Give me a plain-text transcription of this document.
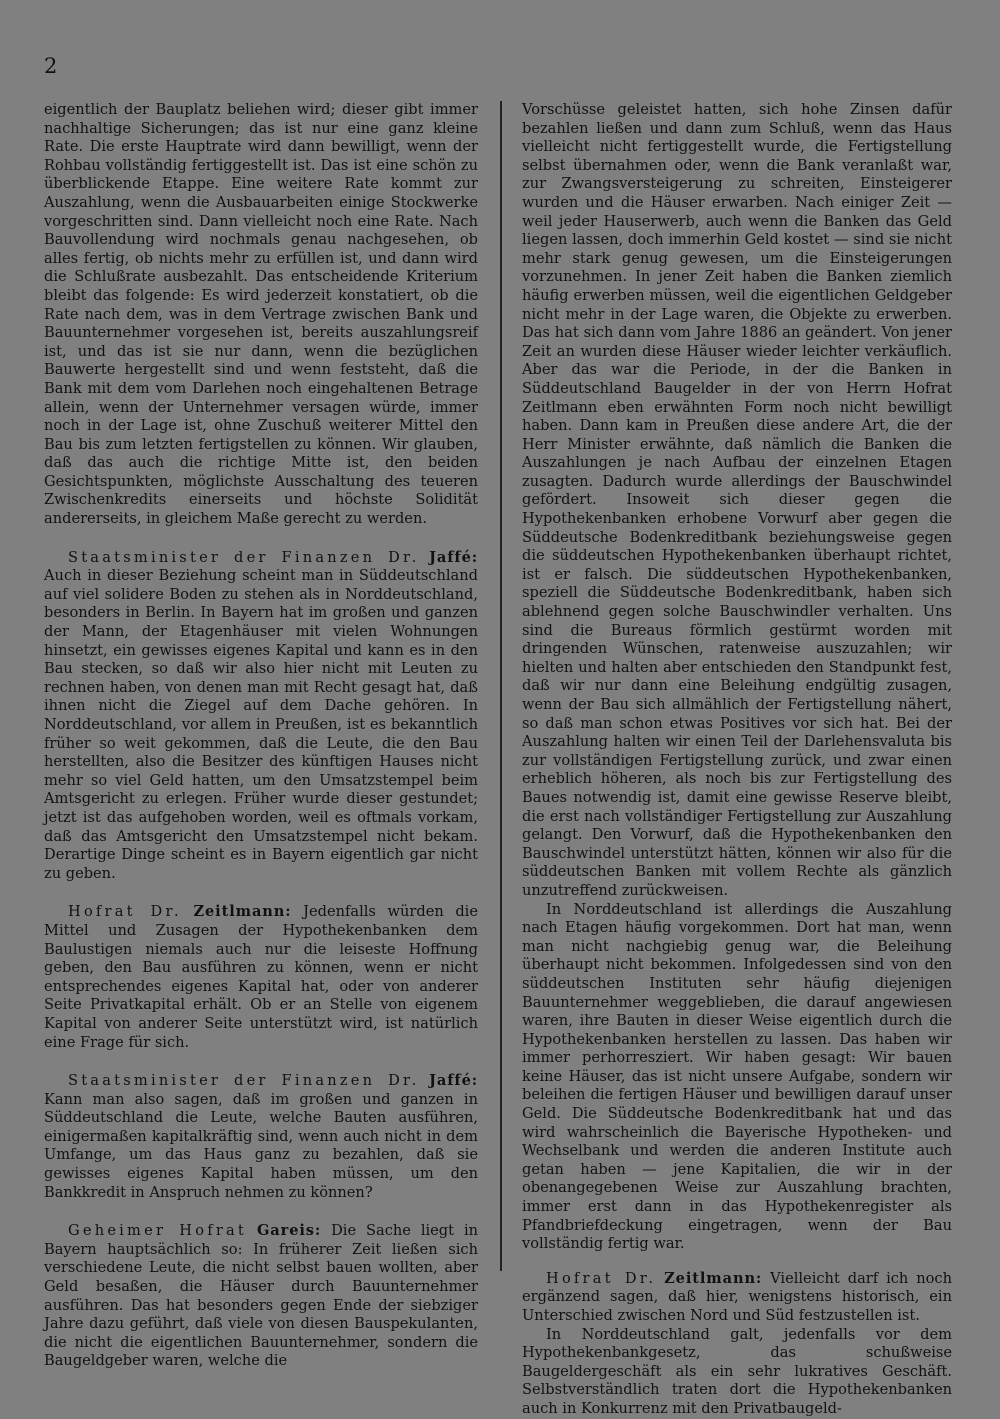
2

eigentlich der Bauplatz beliehen wird; dieser gibt immer nachhaltige Sicherungen; das ist nur eine ganz kleine Rate. Die erste Hauptrate wird dann bewilligt, wenn der Rohbau vollständig fertiggestellt ist. Das ist eine schön zu überblickende Etappe. Eine weitere Rate kommt zur Auszahlung, wenn die Ausbauarbeiten einige Stockwerke vorgeschritten sind. Dann vielleicht noch eine Rate. Nach Bauvollendung wird nochmals genau nachgesehen, ob alles fertig, ob nichts mehr zu erfüllen ist, und dann wird die Schlußrate ausbezahlt. Das entscheidende Kriterium bleibt das folgende: Es wird jederzeit konstatiert, ob die Rate nach dem, was in dem Vertrage zwischen Bank und Bauunternehmer vorgesehen ist, bereits auszahlungsreif ist, und das ist sie nur dann, wenn die bezüglichen Bauwerte hergestellt sind und wenn feststeht, daß die Bank mit dem vom Darlehen noch eingehaltenen Betrage allein, wenn der Unternehmer versagen würde, immer noch in der Lage ist, ohne Zuschuß weiterer Mittel den Bau bis zum letzten fertigstellen zu können. Wir glauben, daß das auch die richtige Mitte ist, den beiden Gesichtspunkten, möglichste Ausschaltung des teueren Zwischenkredits einerseits und höchste Solidität andererseits, in gleichem Maße gerecht zu werden.

Staatsminister der Finanzen Dr. Jaffé: Auch in dieser Beziehung scheint man in Süddeutschland auf viel solidere Boden zu stehen als in Norddeutschland, besonders in Berlin. In Bayern hat im großen und ganzen der Mann, der Etagenhäuser mit vielen Wohnungen hinsetzt, ein gewisses eigenes Kapital und kann es in den Bau stecken, so daß wir also hier nicht mit Leuten zu rechnen haben, von denen man mit Recht gesagt hat, daß ihnen nicht die Ziegel auf dem Dache gehören. In Norddeutschland, vor allem in Preußen, ist es bekanntlich früher so weit gekommen, daß die Leute, die den Bau herstellten, also die Besitzer des künftigen Hauses nicht mehr so viel Geld hatten, um den Umsatzstempel beim Amtsgericht zu erlegen. Früher wurde dieser gestundet; jetzt ist das aufgehoben worden, weil es oftmals vorkam, daß das Amtsgericht den Umsatzstempel nicht bekam. Derartige Dinge scheint es in Bayern eigentlich gar nicht zu geben.

Hofrat Dr. Zeitlmann: Jedenfalls würden die Mittel und Zusagen der Hypothekenbanken dem Baulustigen niemals auch nur die leiseste Hoffnung geben, den Bau ausführen zu können, wenn er nicht entsprechendes eigenes Kapital hat, oder von anderer Seite Privatkapital erhält. Ob er an Stelle von eigenem Kapital von anderer Seite unterstützt wird, ist natürlich eine Frage für sich.

Staatsminister der Finanzen Dr. Jaffé: Kann man also sagen, daß im großen und ganzen in Süddeutschland die Leute, welche Bauten ausführen, einigermaßen kapitalkräftig sind, wenn auch nicht in dem Umfange, um das Haus ganz zu bezahlen, daß sie gewisses eigenes Kapital haben müssen, um den Bankkredit in Anspruch nehmen zu können?

Geheimer Hofrat Gareis: Die Sache liegt in Bayern hauptsächlich so: In früherer Zeit ließen sich verschiedene Leute, die nicht selbst bauen wollten, aber Geld besaßen, die Häuser durch Bauunternehmer ausführen. Das hat besonders gegen Ende der siebziger Jahre dazu geführt, daß viele von diesen Bauspekulanten, die nicht die eigentlichen Bauunternehmer, sondern die Baugeldgeber waren, welche die

Vorschüsse geleistet hatten, sich hohe Zinsen dafür bezahlen ließen und dann zum Schluß, wenn das Haus vielleicht nicht fertiggestellt wurde, die Fertigstellung selbst übernahmen oder, wenn die Bank veranlaßt war, zur Zwangsversteigerung zu schreiten, Einsteigerer wurden und die Häuser erwarben. Nach einiger Zeit — weil jeder Hauserwerb, auch wenn die Banken das Geld liegen lassen, doch immerhin Geld kostet — sind sie nicht mehr stark genug gewesen, um die Einsteigerungen vorzunehmen. In jener Zeit haben die Banken ziemlich häufig erwerben müssen, weil die eigentlichen Geldgeber nicht mehr in der Lage waren, die Objekte zu erwerben. Das hat sich dann vom Jahre 1886 an geändert. Von jener Zeit an wurden diese Häuser wieder leichter verkäuflich. Aber das war die Periode, in der die Banken in Süddeutschland Baugelder in der von Herrn Hofrat Zeitlmann eben erwähnten Form noch nicht bewilligt haben. Dann kam in Preußen diese andere Art, die der Herr Minister erwähnte, daß nämlich die Banken die Auszahlungen je nach Aufbau der einzelnen Etagen zusagten. Dadurch wurde allerdings der Bauschwindel gefördert. Insoweit sich dieser gegen die Hypothekenbanken erhobene Vorwurf aber gegen die Süddeutsche Bodenkreditbank beziehungsweise gegen die süddeutschen Hypothekenbanken überhaupt richtet, ist er falsch. Die süddeutschen Hypothekenbanken, speziell die Süddeutsche Bodenkreditbank, haben sich ablehnend gegen solche Bauschwindler verhalten. Uns sind die Bureaus förmlich gestürmt worden mit dringenden Wünschen, ratenweise auszuzahlen; wir hielten und halten aber entschieden den Standpunkt fest, daß wir nur dann eine Beleihung endgültig zusagen, wenn der Bau sich allmählich der Fertigstellung nähert, so daß man schon etwas Positives vor sich hat. Bei der Auszahlung halten wir einen Teil der Darlehensvaluta bis zur vollständigen Fertigstellung zurück, und zwar einen erheblich höheren, als noch bis zur Fertigstellung des Baues notwendig ist, damit eine gewisse Reserve bleibt, die erst nach vollständiger Fertigstellung zur Auszahlung gelangt. Den Vorwurf, daß die Hypothekenbanken den Bauschwindel unterstützt hätten, können wir also für die süddeutschen Banken mit vollem Rechte als gänzlich unzutreffend zurückweisen.

In Norddeutschland ist allerdings die Auszahlung nach Etagen häufig vorgekommen. Dort hat man, wenn man nicht nachgiebig genug war, die Beleihung überhaupt nicht bekommen. Infolgedessen sind von den süddeutschen Instituten sehr häufig diejenigen Bauunternehmer weggeblieben, die darauf angewiesen waren, ihre Bauten in dieser Weise eigentlich durch die Hypothekenbanken herstellen zu lassen. Das haben wir immer perhorresziert. Wir haben gesagt: Wir bauen keine Häuser, das ist nicht unsere Aufgabe, sondern wir beleihen die fertigen Häuser und bewilligen darauf unser Geld. Die Süddeutsche Bodenkreditbank hat und das wird wahrscheinlich die Bayerische Hypotheken- und Wechselbank und werden die anderen Institute auch getan haben — jene Kapitalien, die wir in der obenangegebenen Weise zur Auszahlung brachten, immer erst dann in das Hypothekenregister als Pfandbriefdeckung eingetragen, wenn der Bau vollständig fertig war.

Hofrat Dr. Zeitlmann: Vielleicht darf ich noch ergänzend sagen, daß hier, wenigstens historisch, ein Unterschied zwischen Nord und Süd festzustellen ist.

In Norddeutschland galt, jedenfalls vor dem Hypothekenbankgesetz, das schußweise Baugeldergeschäft als ein sehr lukratives Geschäft. Selbstverständlich traten dort die Hypothekenbanken auch in Konkurrenz mit den Privatbaugeld-
